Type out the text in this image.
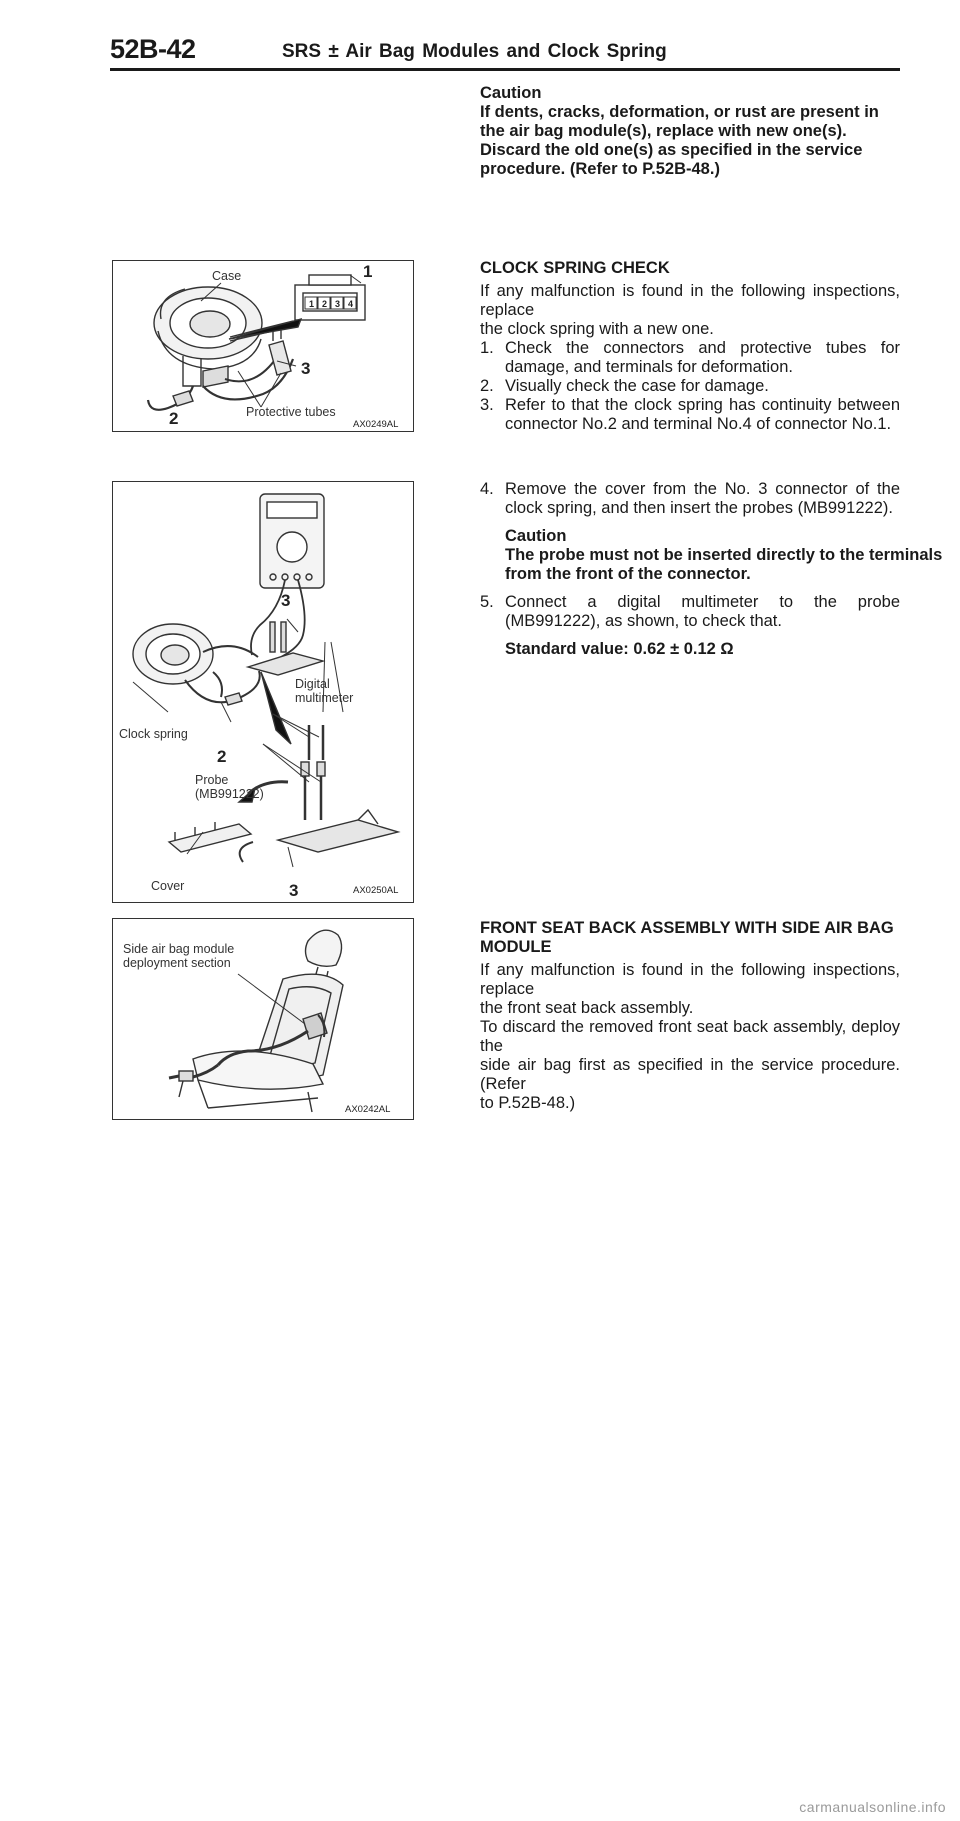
52B-42	SRS ± Air Bag Modules and Clock Spring

Caution

If dents, cracks, deformation, or rust are present in

the air bag module(s), replace with new one(s).

Discard the old one(s) as specified in the service

procedure. (Refer to P.52B-48.)

CLOCK SPRING CHECK

If any malfunction is found in the following inspections, replace

the clock spring with a new one.

1. Check the connectors and protective tubes for damage, and terminals for deformation.
2. Visually check the case for damage.
3. Refer to that the clock spring has continuity between connector No.2 and terminal No.4 of connector No.1.
4. Remove the cover from the No. 3 connector of the clock spring, and then insert the probes (MB991222).

Caution

The probe must not be inserted directly to the terminals

from the front of the connector.

5. Connect a digital multimeter to the probe (MB991222), as shown, to check that.

Standard value: 0.62 ± 0.12 Ω

FRONT SEAT BACK ASSEMBLY WITH SIDE AIR BAG

MODULE

If any malfunction is found in the following inspections, replace

the front seat back assembly.

To discard the removed front seat back assembly, deploy the

side air bag first as specified in the service procedure. (Refer

to P.52B-48.)

Case	1
3
2	Protective tubes
1 2 3 4
AX0249AL
3
Digital
multimeter
Clock spring
2
Probe
(MB991222)
Cover	3	AX0250AL
Side air bag module
deployment section
AX0242AL
carmanualsonline.info
